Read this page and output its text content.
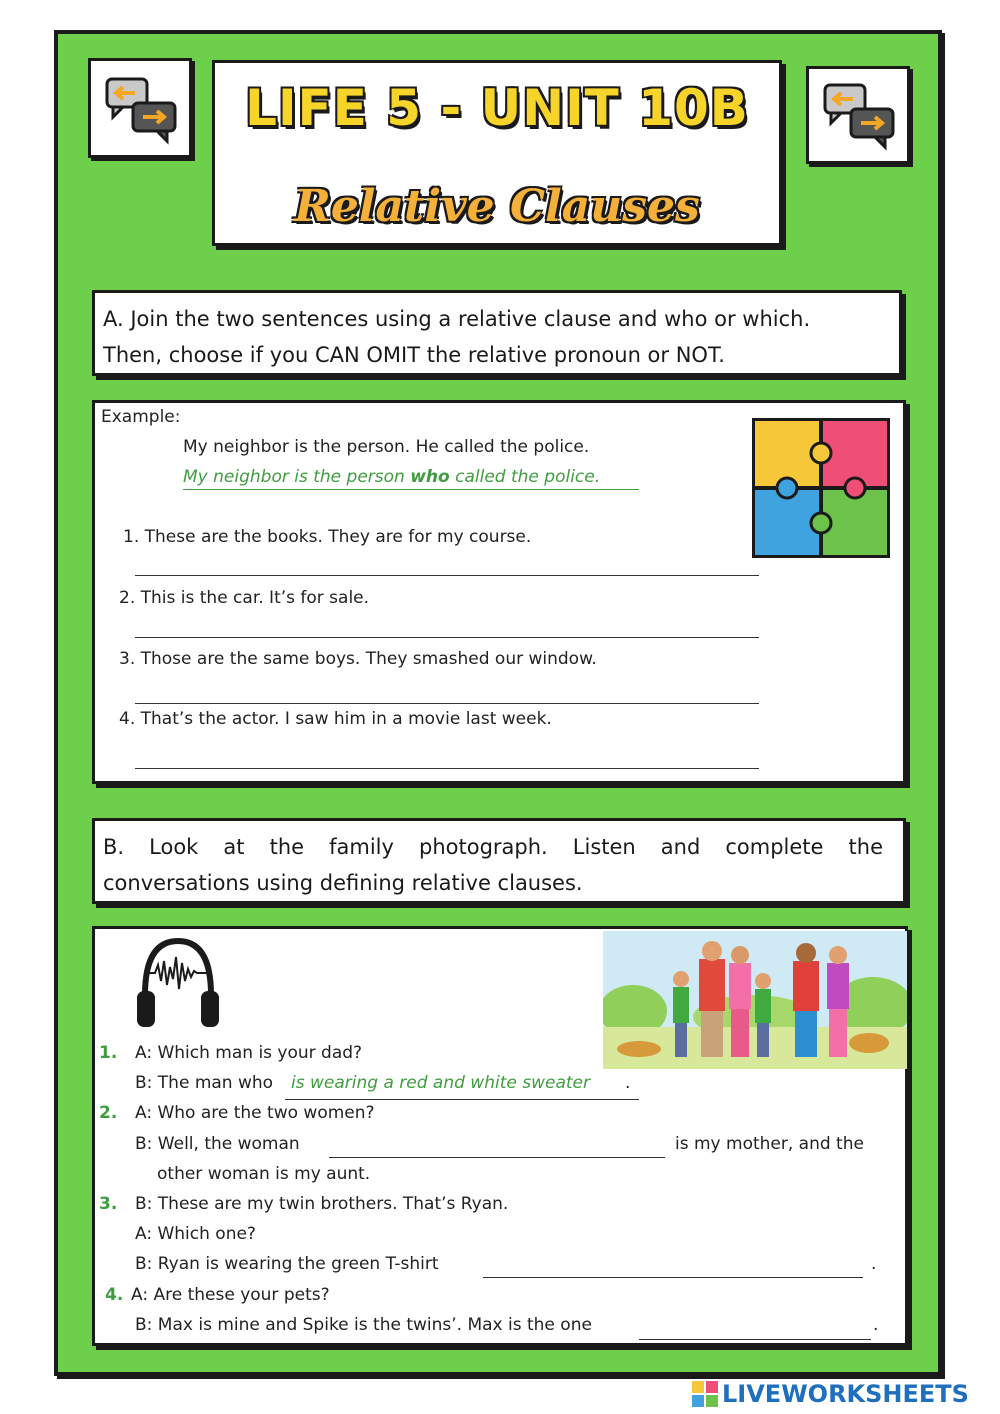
LIFE 5 - UNIT 10B
Relative Clauses
A. Join the two sentences using a relative clause and who or which.
Then, choose if you CAN OMIT the relative pronoun or NOT.
Example:
My neighbor is the person. He called the police.
My neighbor is the person who called the police.
1. These are the books. They are for my course.
2. This is the car. It’s for sale.
3. Those are the same boys. They smashed our window.
4. That’s the actor. I saw him in a movie last week.
B. Look at the family photograph. Listen and complete the
conversations using defining relative clauses.
1. A: Which man is your dad?
B: The man who is wearing a red and white sweater .
2. A: Who are the two women?
B: Well, the woman	is my mother, and the
other woman is my aunt.
3. B: These are my twin brothers. That’s Ryan.
A: Which one?
B: Ryan is wearing the green T-shirt	.
4. A: Are these your pets?
B: Max is mine and Spike is the twins’. Max is the one	.
LIVEWORKSHEETS
